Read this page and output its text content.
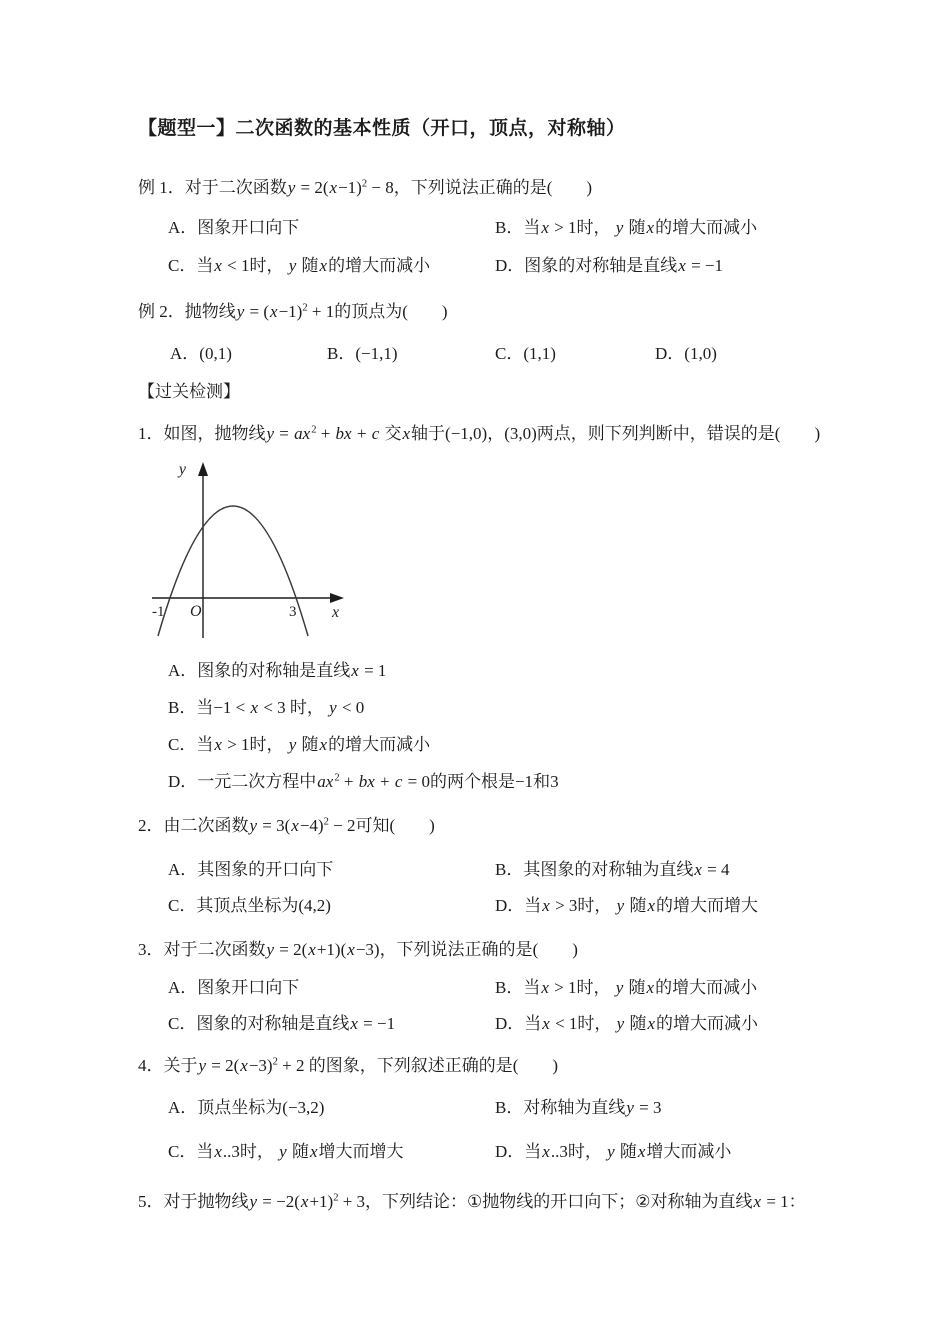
【题型一】二次函数的基本性质（开口，顶点，对称轴）
例 1．对于二次函数$y = 2(x-1)^2 - 8$，下列说法正确的是(　　)
A．图象开口向下	B．当x > 1时， y 随x的增大而减小
C．当x < 1时， y 随x的增大而减小	D．图象的对称轴是直线x = −1
例 2．抛物线$y = (x-1)^2 + 1$的顶点为(　　)
A．(0,1)	B．(−1,1)	C．(1,1)	D．(1,0)
【过关检测】
1．如图，抛物线$y = ax^2$ + bx + c 交x轴于(−1,0)，(3,0)两点，则下列判断中，错误的是(　　)
y
x
O
-1	3
A．图象的对称轴是直线x = 1
B．当−1 < x < 3 时， y < 0
C．当x > 1时， y 随x的增大而减小
D．一元二次方程中$ax^2$ + bx + c = 0的两个根是−1和3
2．由二次函数$y = 3(x-4)^2 - 2$可知(　　)
A．其图象的开口向下	B．其图象的对称轴为直线x = 4
C．其顶点坐标为(4,2)	D．当x > 3时， y 随x的增大而增大
3．对于二次函数y = 2(x+1)(x−3)，下列说法正确的是(　　)
A．图象开口向下	B．当x > 1时， y 随x的增大而减小
C．图象的对称轴是直线x = −1	D．当x < 1时， y 随x的增大而减小
4．关于$y = 2(x-3)^2 + 2$ 的图象，下列叙述正确的是(　　)
A．顶点坐标为(−3,2)	B．对称轴为直线y = 3
C．当x..3时， y 随x增大而增大	D．当x..3时， y 随x增大而减小
5．对于抛物线$y = -2(x+1)^2 + 3$，下列结论：①抛物线的开口向下；②对称轴为直线x = 1：
